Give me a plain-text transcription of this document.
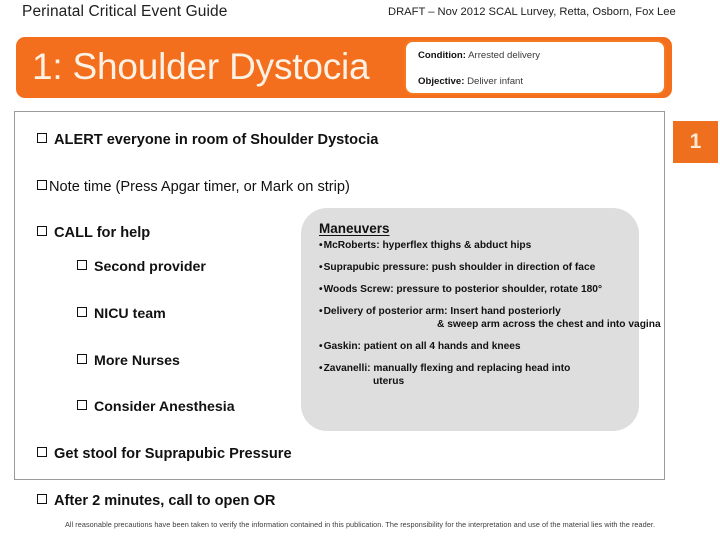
Perinatal Critical Event Guide	DRAFT – Nov 2012 SCAL Lurvey, Retta, Osborn, Fox Lee
1: Shoulder Dystocia	Condition: Arrested delivery
Objective: Deliver infant
1
ALERT everyone in room of Shoulder Dystocia
Note time (Press Apgar timer, or Mark on strip)
CALL for help
Second provider
NICU team
More Nurses
Consider Anesthesia
Get stool for Suprapubic Pressure
After 2 minutes, call to open OR
Maneuvers
•McRoberts: hyperflex thighs & abduct hips
•Suprapubic pressure: push shoulder in direction of face
•Woods Screw: pressure to posterior shoulder, rotate 180°
•Delivery of posterior arm: Insert hand posteriorly
& sweep arm across the chest and into vagina
•Gaskin: patient on all 4 hands and knees
•Zavanelli: manually flexing and replacing head into
uterus
All reasonable precautions have been taken to verify the information contained in this publication. The responsibility for the interpretation and use of the material lies with the reader.
